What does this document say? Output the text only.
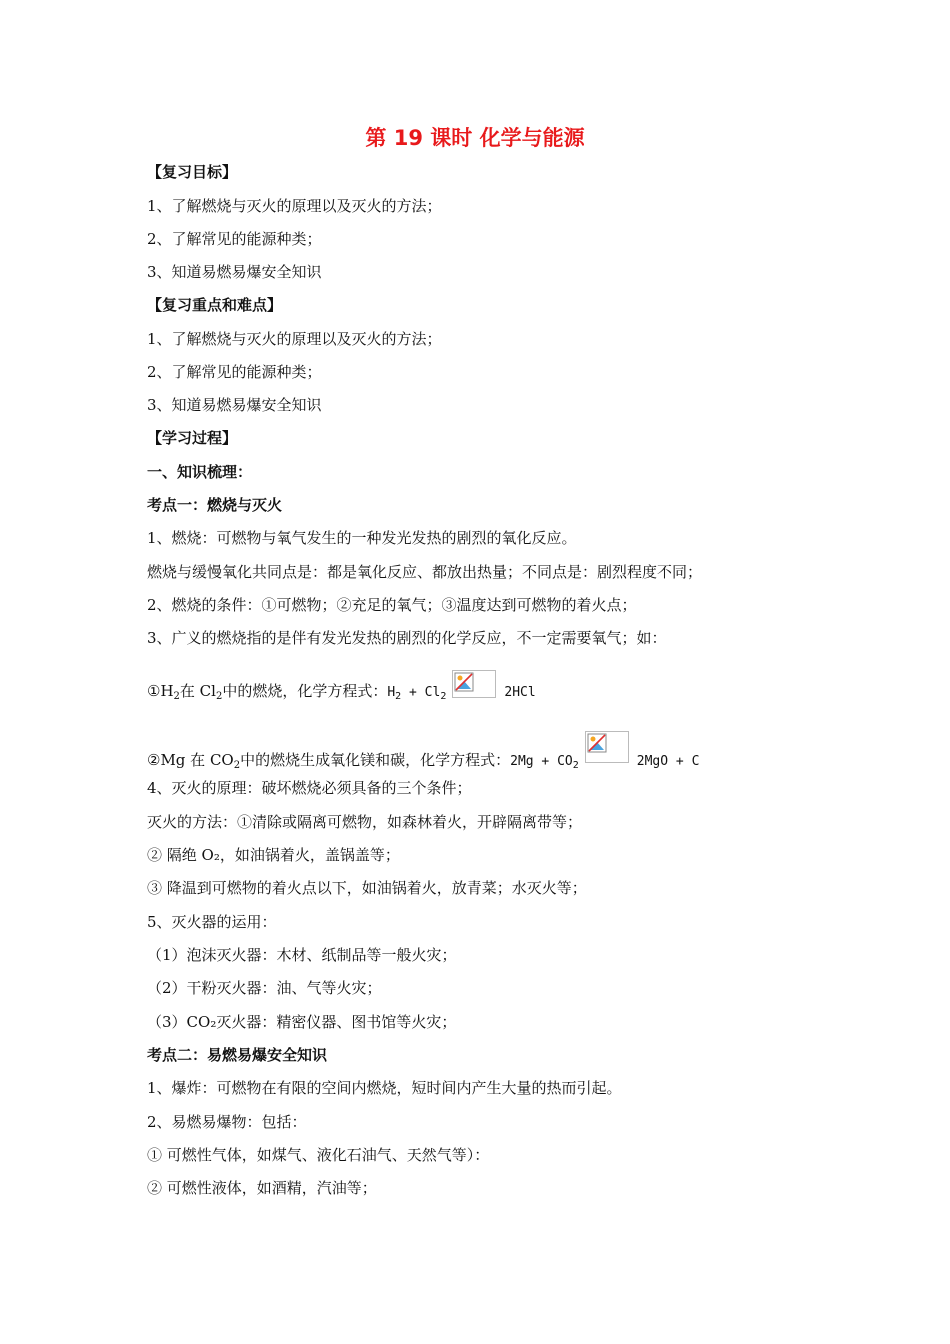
第 19 课时 化学与能源
【复习目标】
1、了解燃烧与灭火的原理以及灭火的方法；
2、了解常见的能源种类；
3、知道易燃易爆安全知识
【复习重点和难点】
1、了解燃烧与灭火的原理以及灭火的方法；
2、了解常见的能源种类；
3、知道易燃易爆安全知识
【学习过程】
一、知识梳理：
考点一：燃烧与灭火
1、燃烧：可燃物与氧气发生的一种发光发热的剧烈的氧化反应。
燃烧与缓慢氧化共同点是：都是氧化反应、都放出热量；不同点是：剧烈程度不同；
2、燃烧的条件：①可燃物；②充足的氧气；③温度达到可燃物的着火点；
3、广义的燃烧指的是伴有发光发热的剧烈的化学反应，不一定需要氧气；如：
$①H_2$在 $Cl_2$中的燃烧，化学方程式：$H_2 + Cl_2$	2HCl
②Mg 在 $CO_2$中的燃烧生成氧化镁和碳，化学方程式：$2Mg + CO_2$	2MgO + C
4、灭火的原理：破坏燃烧必须具备的三个条件；
灭火的方法：①清除或隔离可燃物，如森林着火，开辟隔离带等；
② 隔绝 O₂，如油锅着火，盖锅盖等；
③ 降温到可燃物的着火点以下，如油锅着火，放青菜；水灭火等；
5、灭火器的运用：
（1）泡沫灭火器：木材、纸制品等一般火灾；
（2）干粉灭火器：油、气等火灾；
（3）CO₂灭火器：精密仪器、图书馆等火灾；
考点二：易燃易爆安全知识
1、爆炸：可燃物在有限的空间内燃烧，短时间内产生大量的热而引起。
2、易燃易爆物：包括：
① 可燃性气体，如煤气、液化石油气、天然气等）：
② 可燃性液体，如酒精，汽油等；
